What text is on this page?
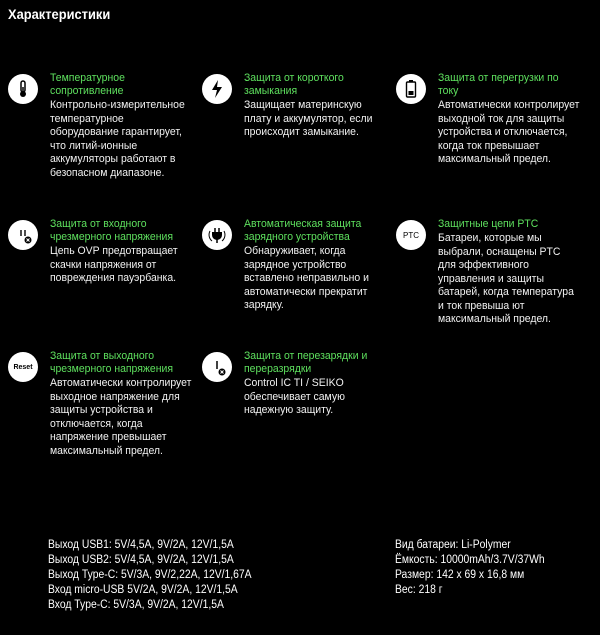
Характеристики
Температурное сопротивление
Контрольно-измерительное температурное оборудование гарантирует, что литий-ионные аккумуляторы работают в безопасном диапазоне.
Защита от короткого замыкания
Защищает материнскую плату и аккумулятор, если происходит замыкание.
Защита от перегрузки по току
Автоматически контролирует выходной ток для защиты устройства и отключается, когда ток превышает максимальный предел.
Защита от входного чрезмерного напряжения
Цепь OVP предотвращает скачки напряжения от повреждения пауэрбанка.
Автоматическая защита зарядного устройства
Обнаруживает, когда зарядное устройство вставлено неправильно и автоматически прекратит зарядку.
PTC
Защитные цепи PTC
Батареи, которые мы выбрали, оснащены PTC для эффективного управления и защиты батарей, когда температура и ток превыша ют максимальный предел.
Reset
Защита от выходного чрезмерного напряжения
Автоматически контролирует выходное напряжение для защиты устройства и отключается, когда напряжение превышает максимальный предел.
Защита от перезарядки и переразрядки
Control IC TI / SEIKO обеспечивает самую надежную защиту.
Выход USB1: 5V/4,5A, 9V/2A, 12V/1,5A
Выход USB2: 5V/4,5A, 9V/2A, 12V/1,5A
Выход Type-C: 5V/3A, 9V/2,22A, 12V/1,67A
Вход micro-USB 5V/2A, 9V/2A, 12V/1,5A
Вход Type-C: 5V/3A, 9V/2A, 12V/1,5A
Вид батареи: Li-Polymer
Ёмкость: 10000mAh/3.7V/37Wh
Размер: 142 х 69 х 16,8 мм
Вес: 218 г
